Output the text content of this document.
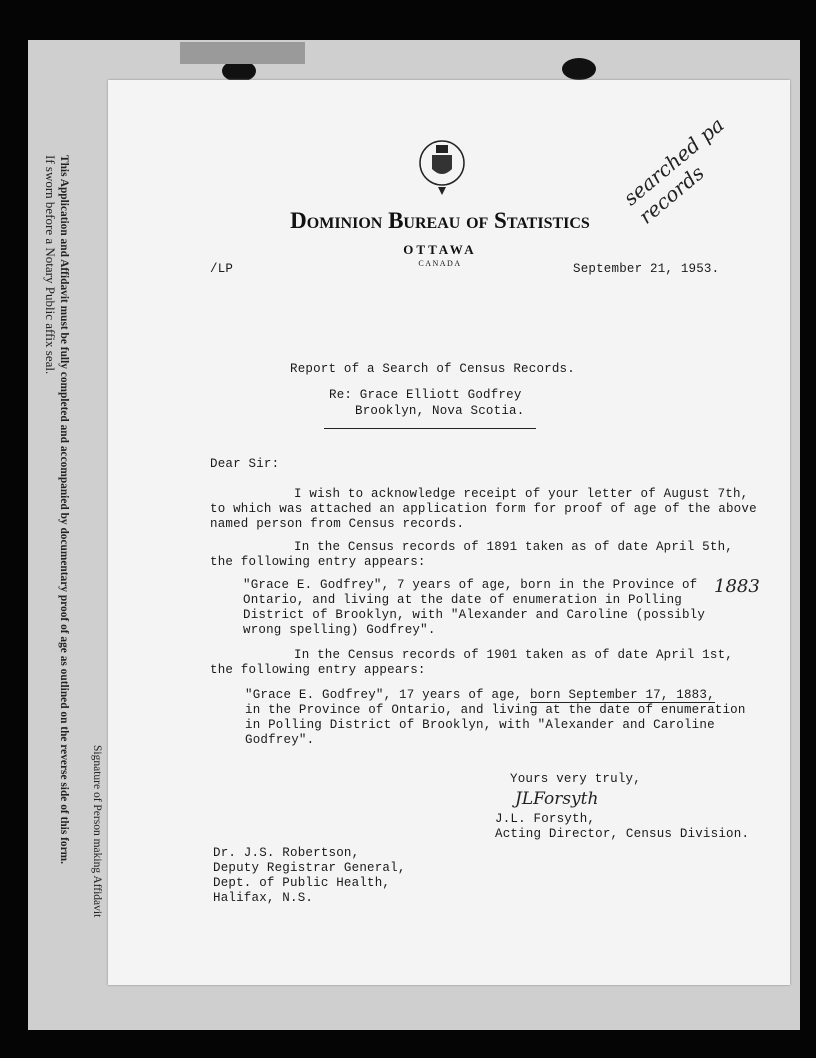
If sworn before a Notary Public affix seal. This Application and Affidavit must be fully completed and accompanied by documentary proof of age as outlined on the reverse side of this form. Signature of Person making Affidavit
searched pa records
Dominion Bureau of Statistics
OTTAWA
CANADA
/LP	September 21, 1953.
Report of a Search of Census Records.
Re: Grace Elliott Godfrey
Brooklyn, Nova Scotia.
Dear Sir:
I wish to acknowledge receipt of your letter of August 7th,
to which was attached an application form for proof of age of the above
named person from Census records.
In the Census records of 1891 taken as of date April 5th,
the following entry appears:
"Grace E. Godfrey", 7 years of age, born in the Province of
Ontario, and living at the date of enumeration in Polling
District of Brooklyn, with "Alexander and Caroline (possibly
wrong spelling) Godfrey".
1883
In the Census records of 1901 taken as of date April 1st,
the following entry appears:
"Grace E. Godfrey", 17 years of age, born September 17, 1883,
in the Province of Ontario, and living at the date of enumeration
in Polling District of Brooklyn, with "Alexander and Caroline
Godfrey".
Yours very truly,
JLForsyth
J.L. Forsyth,
Acting Director, Census Division.
Dr. J.S. Robertson,
Deputy Registrar General,
Dept. of Public Health,
Halifax, N.S.
